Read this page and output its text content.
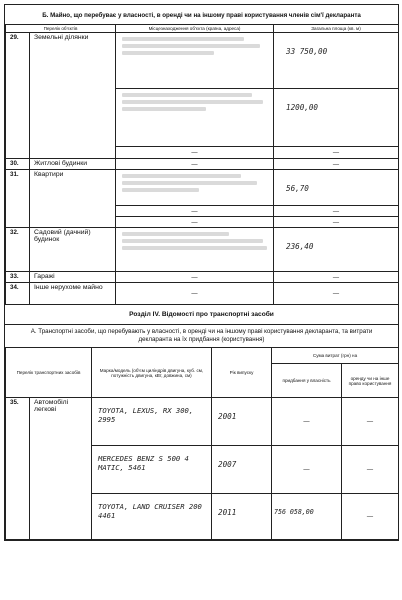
Б. Майно, що перебуває у власності, в оренді чи на іншому праві користування членів сім'ї декларанта
Перелік об'єктів		Місцезнаходження об'єкта (країна, адреса)	Загальна площа (кв. м)
29.	Земельні ділянки		33 750,00

			1200,00
		—	—
30.	Житлові будинки	—	—
31.	Квартири		56,70
		—	—
		—	—
32.	Садовий (дачний) будинок		236,40
33.	Гаражі	—	—
34.	Інше нерухоме майно	—	—
Розділ IV. Відомості про транспортні засоби
А. Транспортні засоби, що перебувають у власності, в оренді чи на іншому праві користування декларанта, та витрати декларанта на їх придбання (користування)
Перелік транспортних засобів		Марка/модель (об'єм циліндрів двигуна, куб. см, потужність двигуна, кВт, довжина, см)	Рік випуску	Сума витрат (грн) на	
				придбання у власність	оренду чи на інше право користування
35.	Автомобілі легкові	TOYOTA, LEXUS, RX 300, 2995	2001	—	—
		MERCEDES BENZ S 500 4 MATIC, 5461	2007	—	—
		TOYOTA, LAND CRUISER 200 4461	2011	756 058,00	—
